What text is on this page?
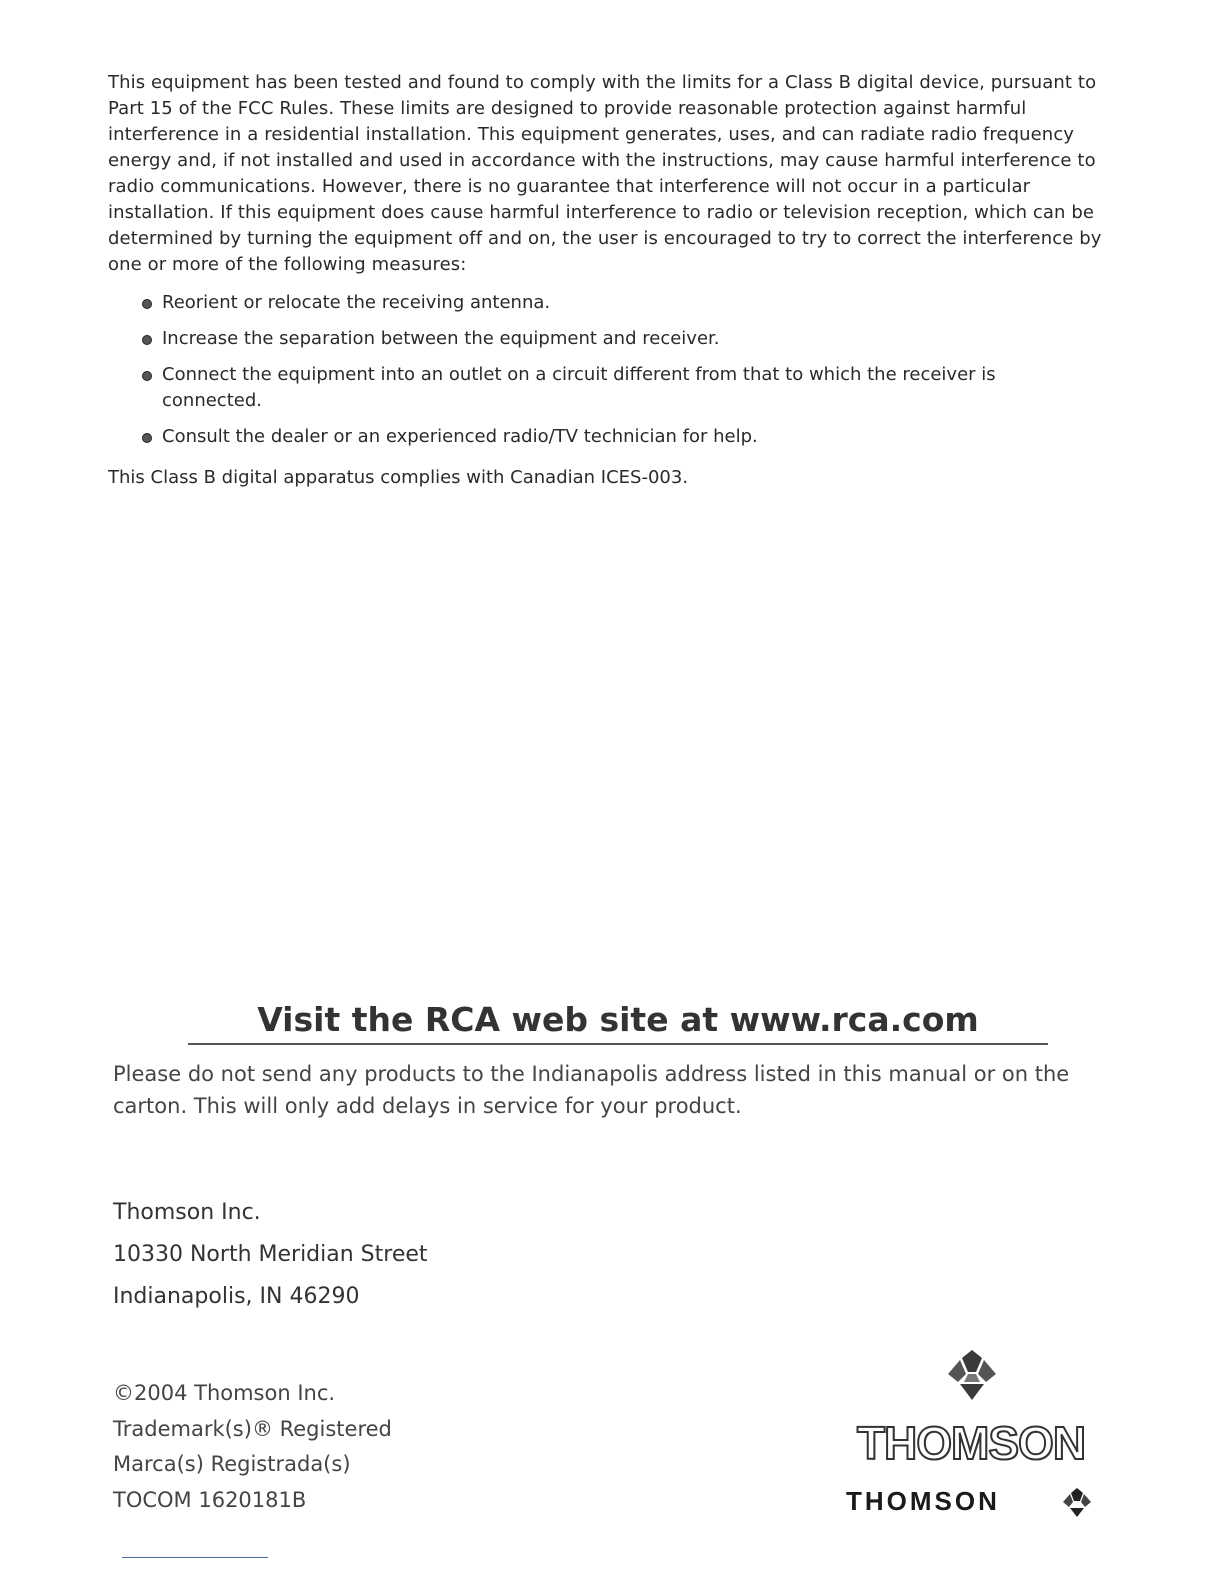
This equipment has been tested and found to comply with the limits for a Class B digital device, pursuant to Part 15 of the FCC Rules. These limits are designed to provide reasonable protection against harmful interference in a residential installation. This equipment generates, uses, and can radiate radio frequency energy and, if not installed and used in accordance with the instructions, may cause harmful interference to radio communications. However, there is no guarantee that interference will not occur in a particular installation. If this equipment does cause harmful interference to radio or television reception, which can be determined by turning the equipment off and on, the user is encouraged to try to correct the interference by one or more of the following measures:

Reorient or relocate the receiving antenna.
Increase the separation between the equipment and receiver.
Connect the equipment into an outlet on a circuit different from that to which the receiver is connected.
Consult the dealer or an experienced radio/TV technician for help.

This Class B digital apparatus complies with Canadian ICES-003.

Visit the RCA web site at www.rca.com

Please do not send any products to the Indianapolis address listed in this manual or on the carton. This will only add delays in service for your product.

Thomson Inc.
10330 North Meridian Street
Indianapolis, IN 46290
©2004 Thomson Inc.
Trademark(s)® Registered
Marca(s) Registrada(s)
TOCOM 1620181B
THOMSON
THOMSON
